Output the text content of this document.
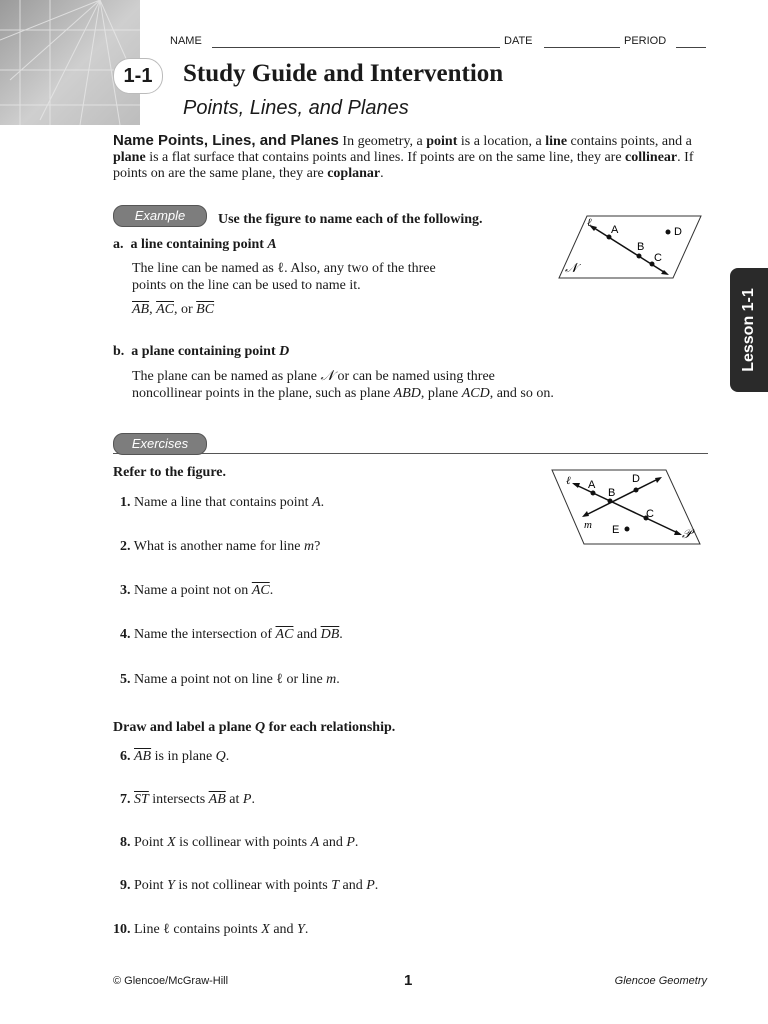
1-1
NAME	DATE	PERIOD
Study Guide and Intervention
Points, Lines, and Planes
Lesson 1-1
Name Points, Lines, and Planes In geometry, a point is a location, a line contains points, and a plane is a flat surface that contains points and lines. If points are on the same line, they are collinear. If points on are the same plane, they are coplanar.
Example	Use the figure to name each of the following.	ℓ
A
B
C
D
𝒩
a. a line containing point A
The line can be named as ℓ. Also, any two of the three
points on the line can be used to name it.
$\overline{AB}$, $\overline{AC}$, or $\overline{BC}$
b. a plane containing point D
The plane can be named as plane 𝒩 or can be named using three
noncollinear points in the plane, such as plane ABD, plane ACD, and so on.
Exercises
Refer to the figure.
ℓ A
B
D
C
E
m
𝒫
1. Name a line that contains point A.
2. What is another name for line m?
3. Name a point not on $\overline{AC}$.
4. Name the intersection of $\overline{AC}$ and $\overline{DB}$.
5. Name a point not on line ℓ or line m.
Draw and label a plane Q for each relationship.
6. $\overline{AB}$ is in plane Q.
7. $\overline{ST}$ intersects $\overline{AB}$ at P.
8. Point X is collinear with points A and P.
9. Point Y is not collinear with points T and P.
10. Line ℓ contains points X and Y.
© Glencoe/McGraw-Hill	1	Glencoe Geometry
